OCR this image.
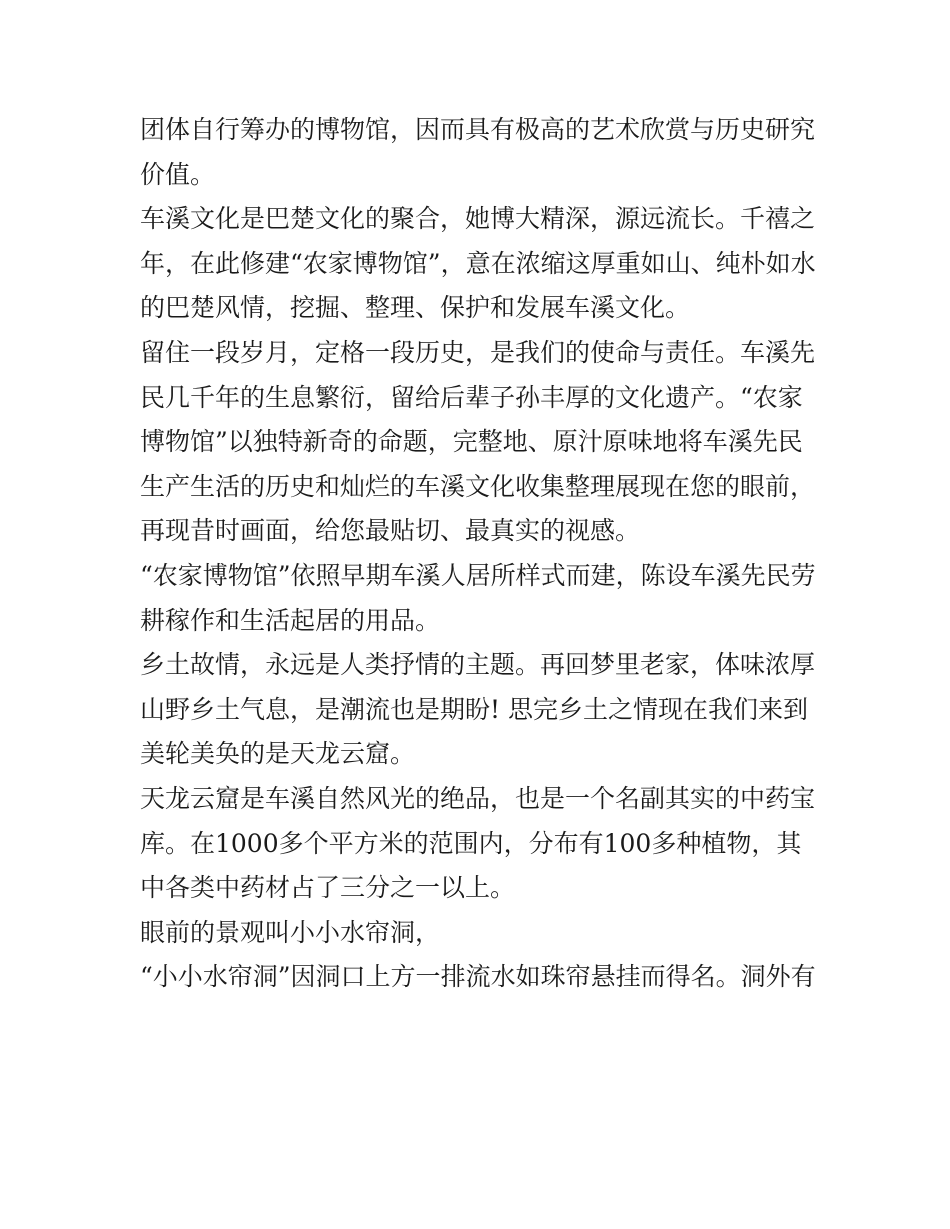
团体自行筹办的博物馆，因而具有极高的艺术欣赏与历史研究
价值。
车溪文化是巴楚文化的聚合，她博大精深，源远流长。千禧之
年，在此修建“农家博物馆”，意在浓缩这厚重如山、纯朴如水
的巴楚风情，挖掘、整理、保护和发展车溪文化。
留住一段岁月，定格一段历史，是我们的使命与责任。车溪先
民几千年的生息繁衍，留给后辈子孙丰厚的文化遗产。“农家
博物馆”以独特新奇的命题，完整地、原汁原味地将车溪先民
生产生活的历史和灿烂的车溪文化收集整理展现在您的眼前，
再现昔时画面，给您最贴切、最真实的视感。
“农家博物馆”依照早期车溪人居所样式而建，陈设车溪先民劳
耕稼作和生活起居的用品。
乡土故情，永远是人类抒情的主题。再回梦里老家，体味浓厚
山野乡土气息，是潮流也是期盼! 思完乡土之情现在我们来到
美轮美奂的是天龙云窟。
天龙云窟是车溪自然风光的绝品，也是一个名副其实的中药宝
库。在1000多个平方米的范围内，分布有100多种植物，其
中各类中药材占了三分之一以上。
眼前的景观叫小小水帘洞，
“小小水帘洞”因洞口上方一排流水如珠帘悬挂而得名。洞外有
